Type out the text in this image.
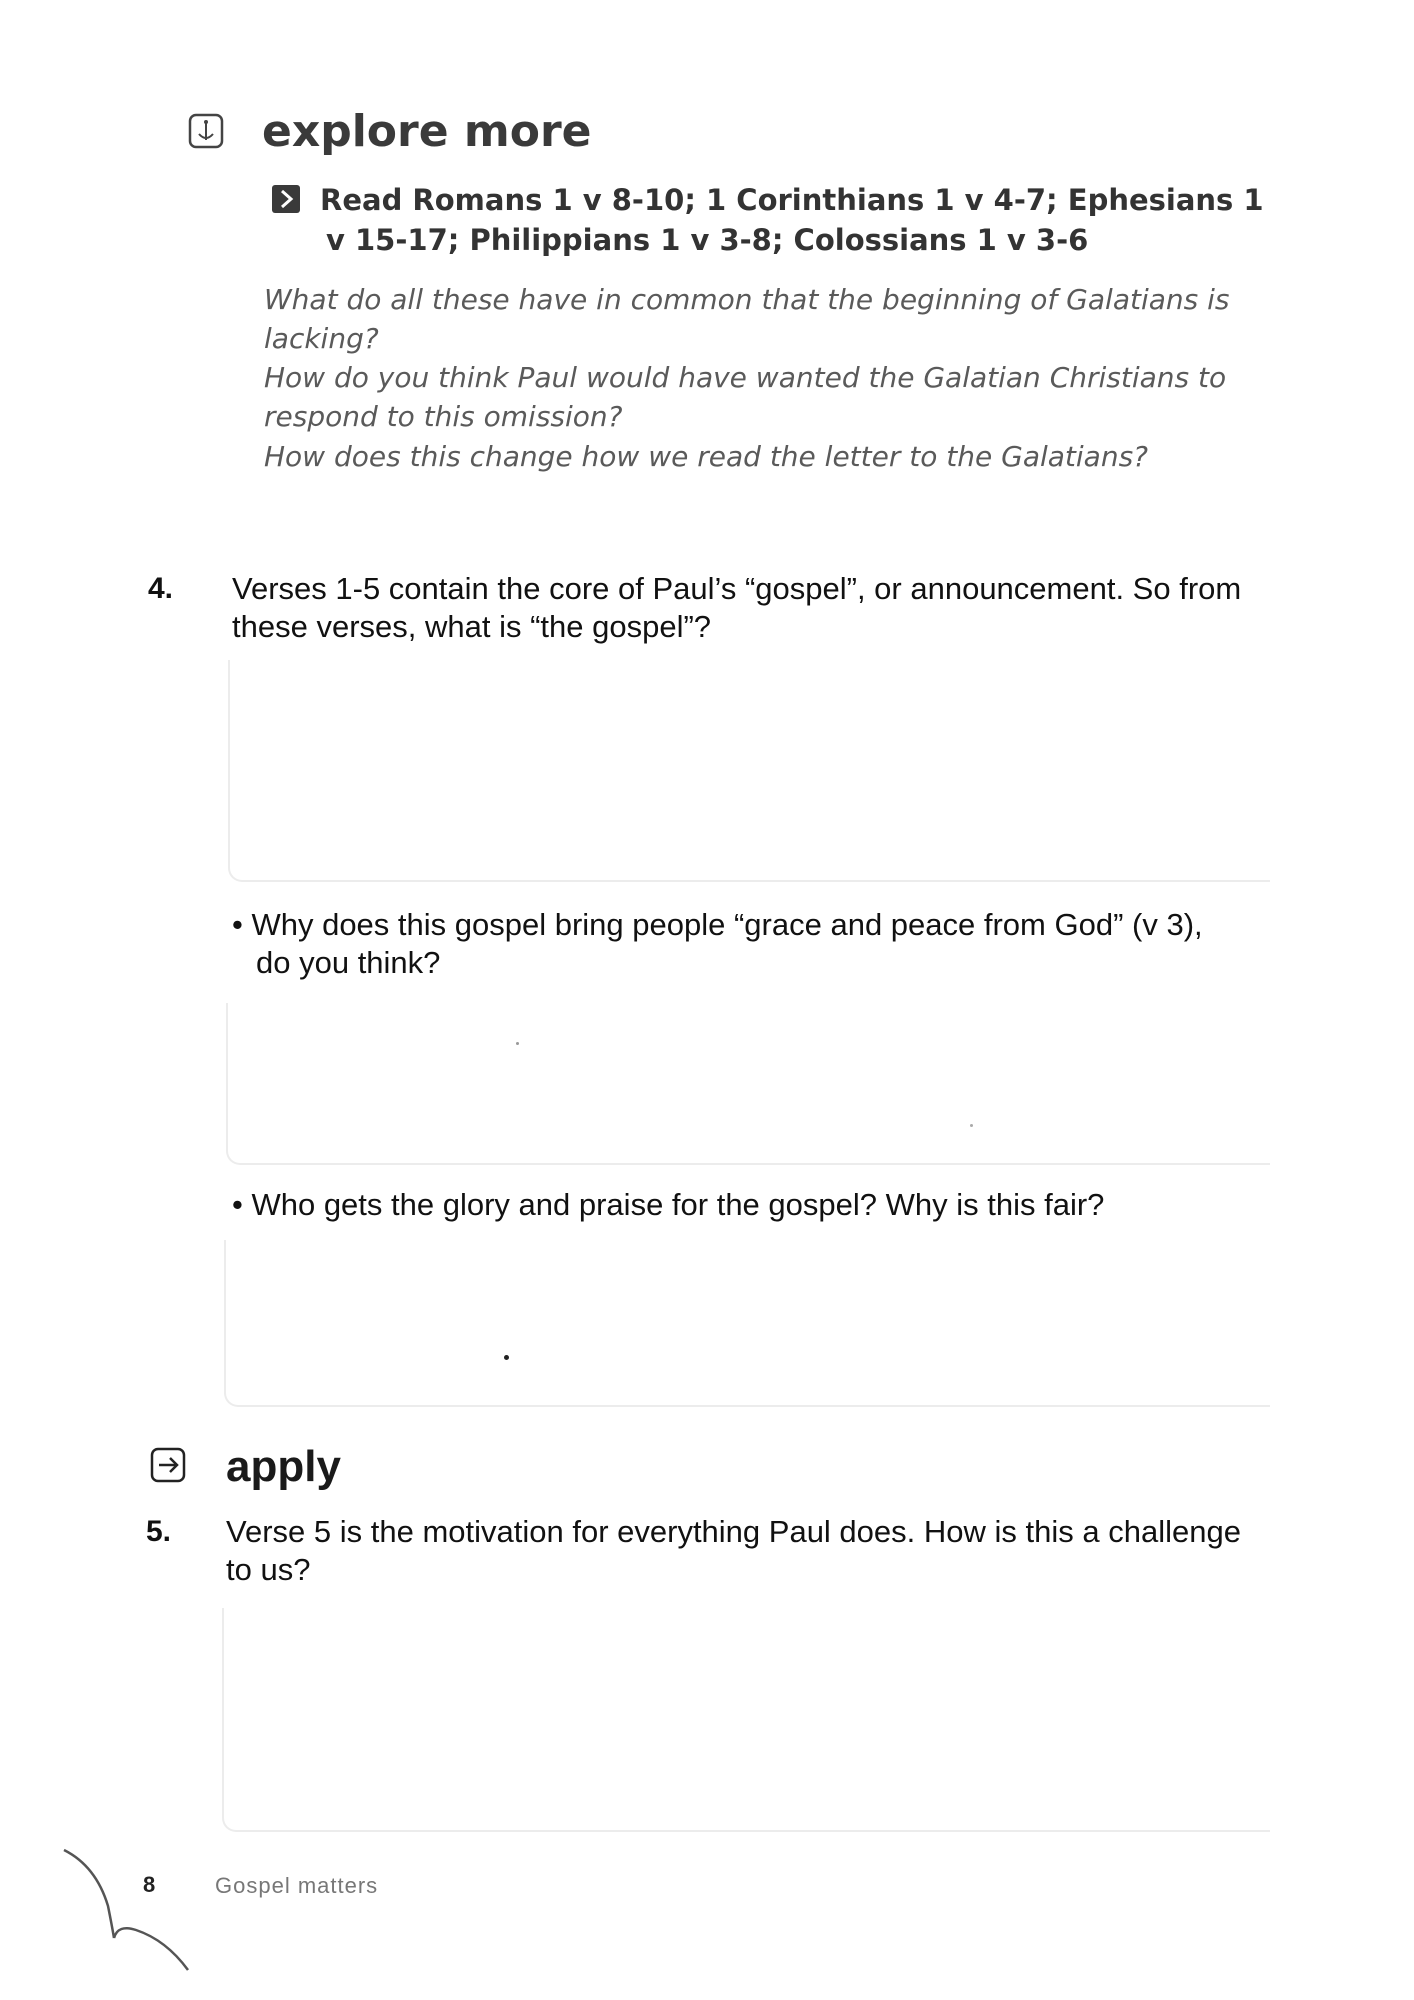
explore more
Read Romans 1 v 8-10; 1 Corinthians 1 v 4-7; Ephesians 1
v 15-17; Philippians 1 v 3-8; Colossians 1 v 3-6
What do all these have in common that the beginning of Galatians is
lacking?
How do you think Paul would have wanted the Galatian Christians to
respond to this omission?
How does this change how we read the letter to the Galatians?
4. Verses 1-5 contain the core of Paul’s “gospel”, or announcement. So from
these verses, what is “the gospel”?
• Why does this gospel bring people “grace and peace from God” (v 3),
do you think?
• Who gets the glory and praise for the gospel? Why is this fair?
apply
5. Verse 5 is the motivation for everything Paul does. How is this a challenge
to us?
8	Gospel matters
